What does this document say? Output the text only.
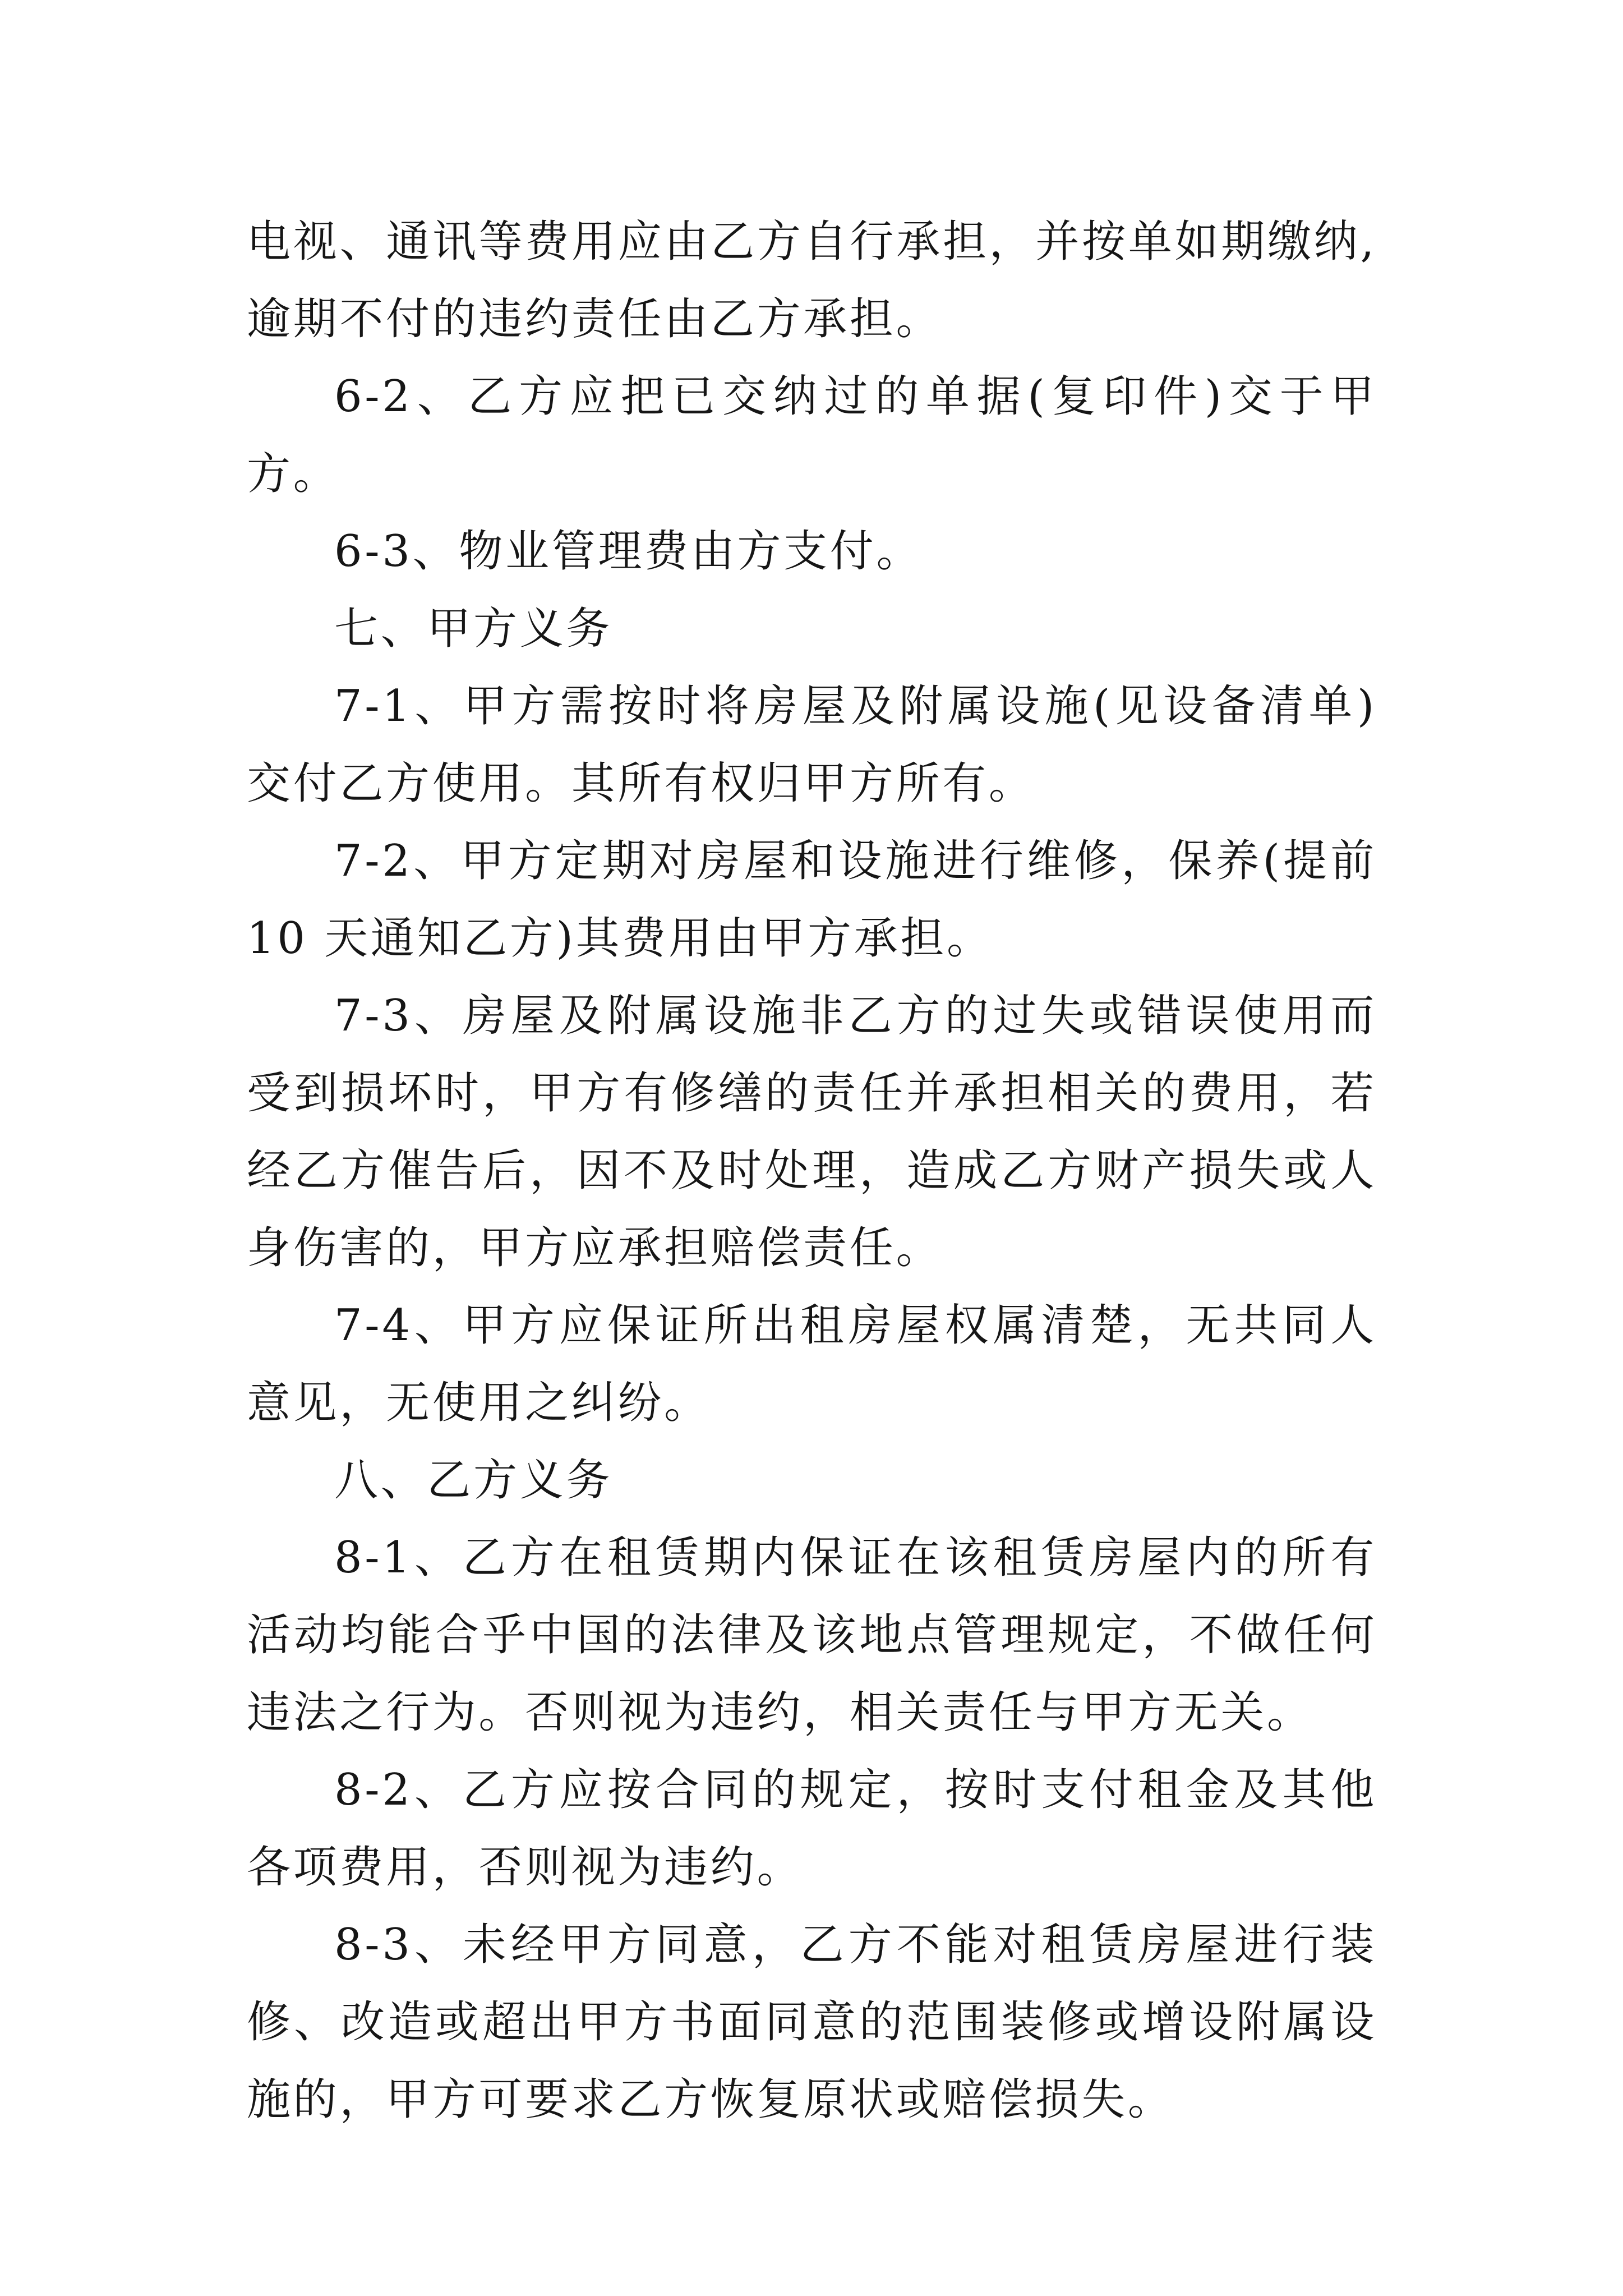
电视、通讯等费用应由乙方自行承担，并按单如期缴纳,逾期不付的违约责任由乙方承担。

6-2、乙方应把已交纳过的单据(复印件)交于甲方。

6-3、物业管理费由方支付。

七、甲方义务

7-1、甲方需按时将房屋及附属设施(见设备清单)交付乙方使用。其所有权归甲方所有。

7-2、甲方定期对房屋和设施进行维修，保养(提前 10 天通知乙方)其费用由甲方承担。

7-3、房屋及附属设施非乙方的过失或错误使用而受到损坏时，甲方有修缮的责任并承担相关的费用，若经乙方催告后，因不及时处理，造成乙方财产损失或人身伤害的，甲方应承担赔偿责任。

7-4、甲方应保证所出租房屋权属清楚，无共同人意见，无使用之纠纷。

八、乙方义务

8-1、乙方在租赁期内保证在该租赁房屋内的所有活动均能合乎中国的法律及该地点管理规定，不做任何违法之行为。否则视为违约，相关责任与甲方无关。

8-2、乙方应按合同的规定，按时支付租金及其他各项费用，否则视为违约。

8-3、未经甲方同意，乙方不能对租赁房屋进行装修、改造或超出甲方书面同意的范围装修或增设附属设施的，甲方可要求乙方恢复原状或赔偿损失。
